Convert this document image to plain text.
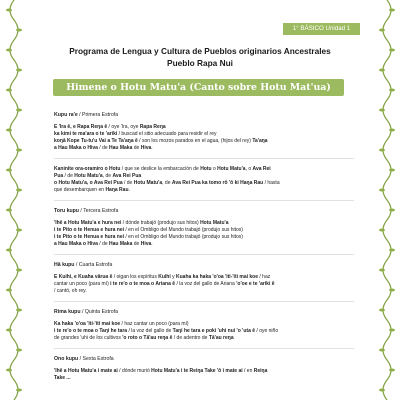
1° BÁSICO Unidad 1
Programa de Lengua y Cultura de Pueblos originarios Ancestrales
Pueblo Rapa Nui
Himene o Hotu Matu'a (Canto sobre Hotu Mat'ua)

Kupu ra'e / Primera Estrofa

E 'Ira ē, e Rapa Reŋa ē / oye 'Ira, oye Rapa Reŋa

ka kimi te ma'ara o te 'ariki / buscad el sitio adecuado para residir el rey

koŋā Kope Tu-tu'u Vai a Te Ta'aŋa ē / son los mozos parados en el agua, (hijos del rey) Ta'aŋa

a Hau Maka o Hiva / de Hau Maka de Hiva.

Kaninite ora-oramiro o Hotu / que se deslice la embarcación de Hotu o Hotu Matu'a, o Ava Rei

Pua / de Hotu Matu'a, de Ava Rei Pua

o Hotu Matu'a, o Ava Rei Pua / de Hotu Matu'a, de Ava Rei Pua ka tomo rō 'ō ki Haŋa Rau / hasta

que desembarquen en Haŋa Rau.

Toru kupu / Tercera Estrofa

'Ihē a Hotu Matu'a e hura nei / dónde trabajó (produjo sus hitos) Hotu Matu'a

i te Pito o te Henua e hura nei / en el Ombligo del Mundo trabajó (produjo sus hitos)

i te Pito o te Henua e hura nei / en el Ombligo del Mundo trabajó (produjo sus hitos)

a Hau Maka o Hiva / de Hau Maka de Hiva.

Hā kupu / Cuarta Estrofa

E Kuihi, e Kuaha vārua ē / oigan los espíritus Kuihi y Kuaha ka haka 'o'oa 'iti-'iti mai koe / haz

cantar un poco (para mí) i te re'o o te moa o Ariana ē / la voz del gallo de Ariana 'o'oe e te 'ariki ē

/ cantó, oh rey.

Rima kupu / Quinta Estrofa

Ka haka 'o'oa 'iti-'iti mai koe / haz cantar un poco (para mí)

i te re'o o te moa o Taŋi he tara / la voz del gallo de Taŋi he tara e poki 'uhi nui 'o 'uta ē / oye niño

de grandes 'uhi de los cultivos 'o roto o Tā'au reŋa ē / de adentro de Tā'au reŋa

Ono kupu / Sexta Estrofa

'Ihē a Hotu Matu'a i mate ai / dónde murió Hotu Matu'a i te Reiŋa Take 'ō i mate ai / en Reiŋa

Take ...
